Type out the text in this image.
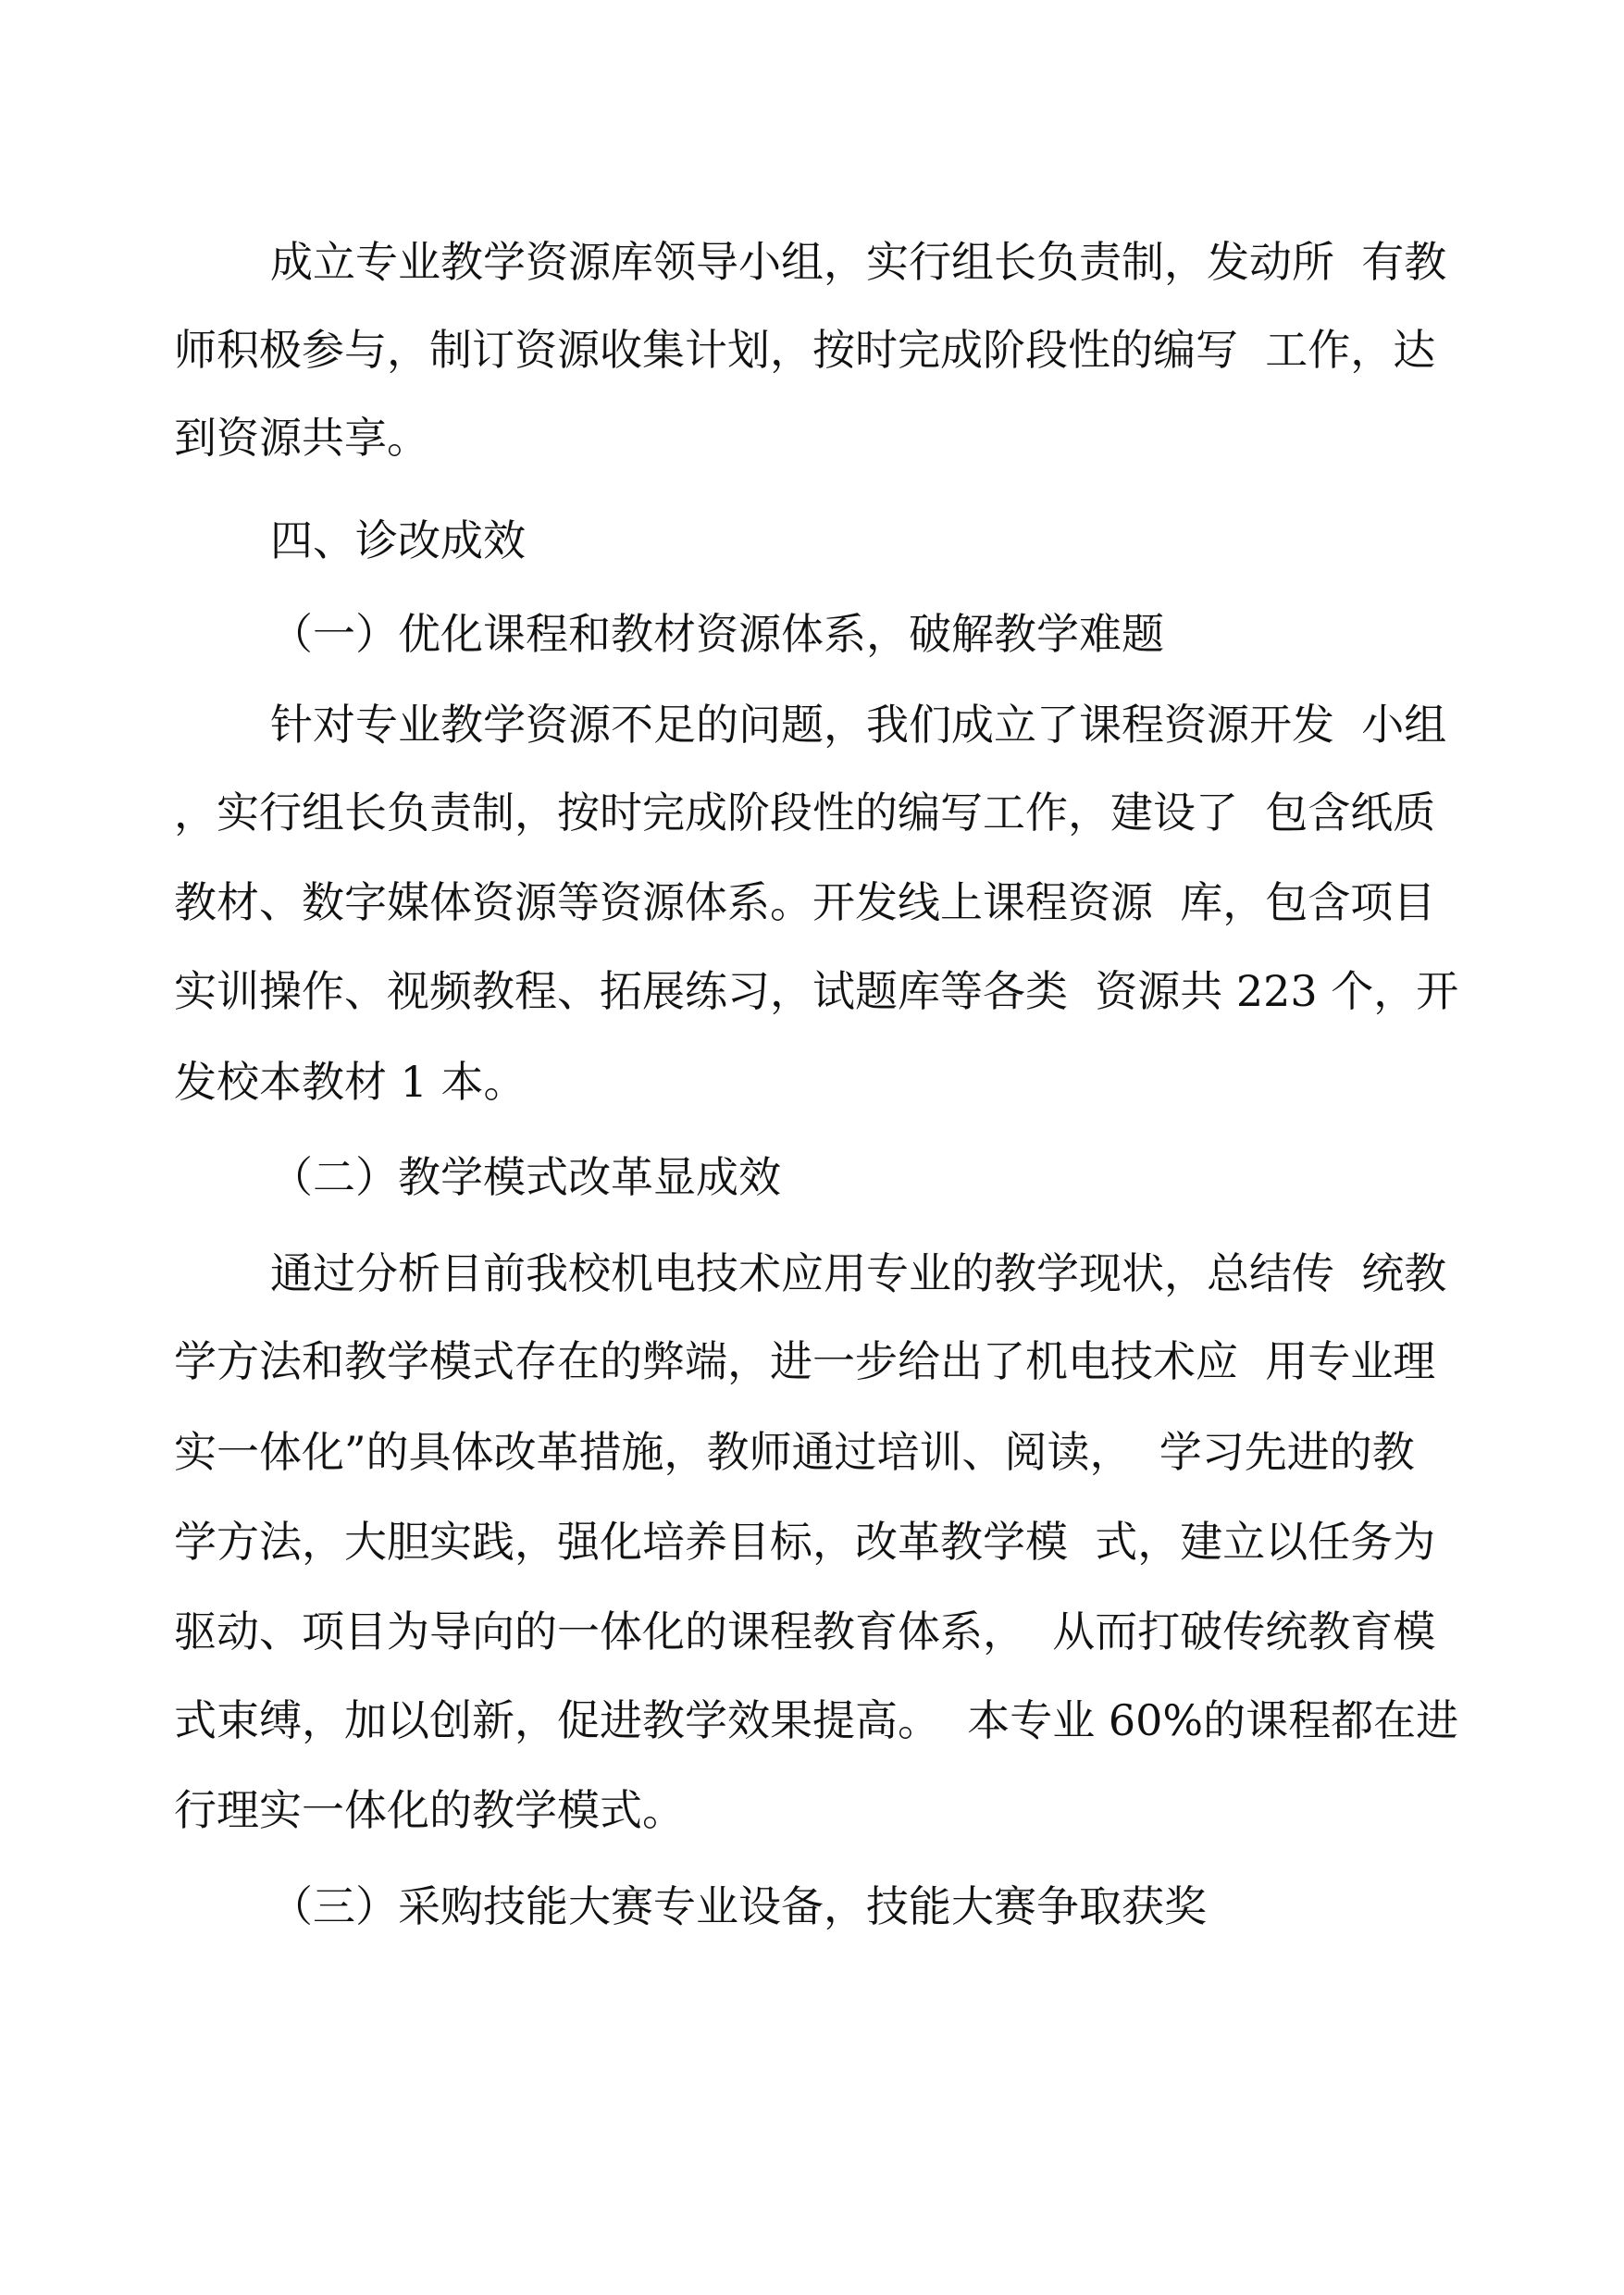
成立专业教学资源库领导小组，实行组长负责制，发动所  有教
师积极参与，制订资源收集计划，按时完成阶段性的编写  工作，达
到资源共享。
四、诊改成效
（一）优化课程和教材资源体系，破解教学难题
针对专业教学资源不足的问题，我们成立了课程资源开发  小组
，实行组长负责制，按时完成阶段性的编写工作，建设了  包含纸质
教材、数字媒体资源等资源体系。开发线上课程资源  库，包含项目
实训操作、视频教程、拓展练习，试题库等各类  资源共 223 个，开
发校本教材 1 本。
（二）教学模式改革显成效
通过分析目前我校机电技术应用专业的教学现状，总结传  统教
学方法和教学模式存在的弊端，进一步给出了机电技术应  用专业理
实一体化”的具体改革措施，教师通过培训、阅读，  学习先进的教
学方法，大胆实践，强化培养目标，改革教学模  式，建立以任务为
驱动、项目为导向的一体化的课程教育体系，  从而打破传统教育模
式束缚，加以创新，促进教学效果提高。  本专业 60%的课程都在进
行理实一体化的教学模式。
（三）采购技能大赛专业设备，技能大赛争取获奖
